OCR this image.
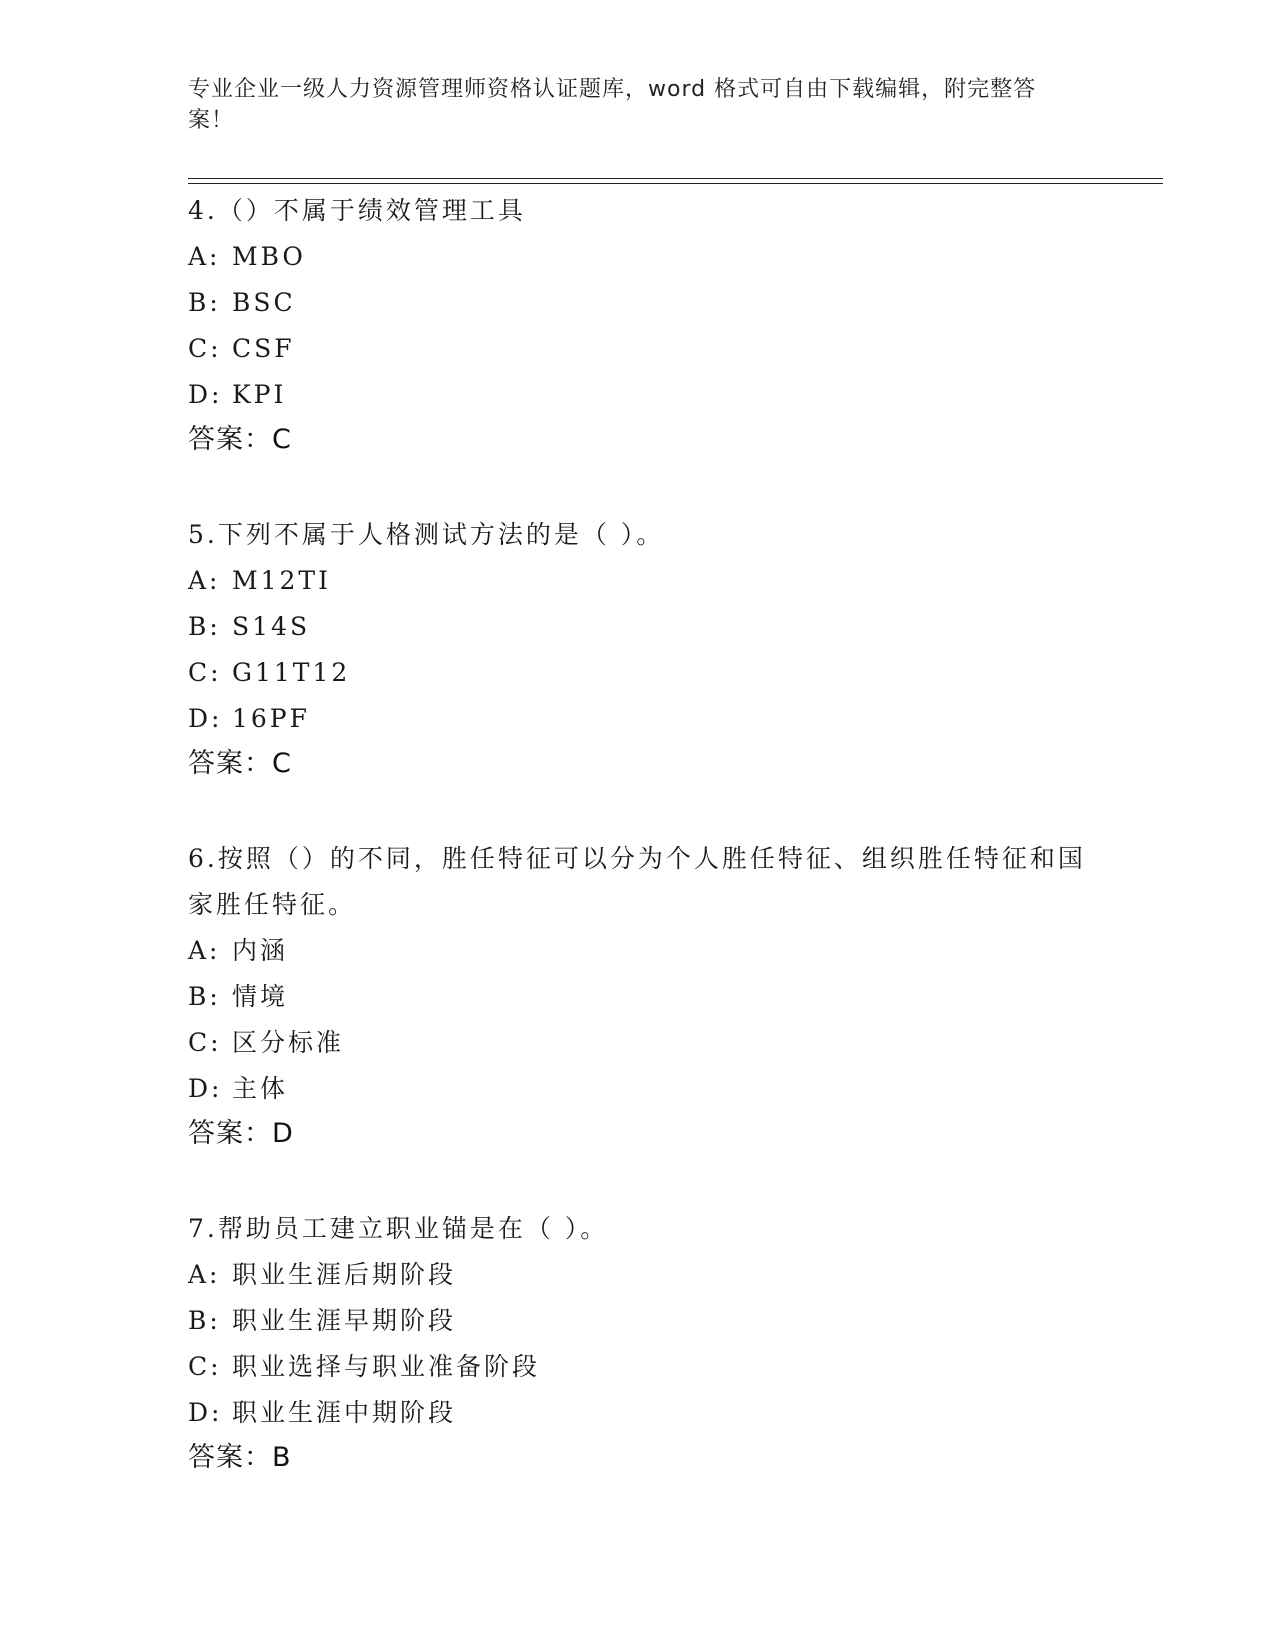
专业企业一级人力资源管理师资格认证题库，word 格式可自由下载编辑，附完整答案！

4.（）不属于绩效管理工具

A: MBO
B: BSC
C: CSF
D: KPI

答案：C

5.下列不属于人格测试方法的是（ ）。

A: M12TI
B: S14S
C: G11T12
D: 16PF

答案：C

6.按照（）的不同，胜任特征可以分为个人胜任特征、组织胜任特征和国家胜任特征。

A: 内涵
B: 情境
C: 区分标准
D: 主体

答案：D

7.帮助员工建立职业锚是在（ ）。

A: 职业生涯后期阶段
B: 职业生涯早期阶段
C: 职业选择与职业准备阶段
D: 职业生涯中期阶段

答案：B
